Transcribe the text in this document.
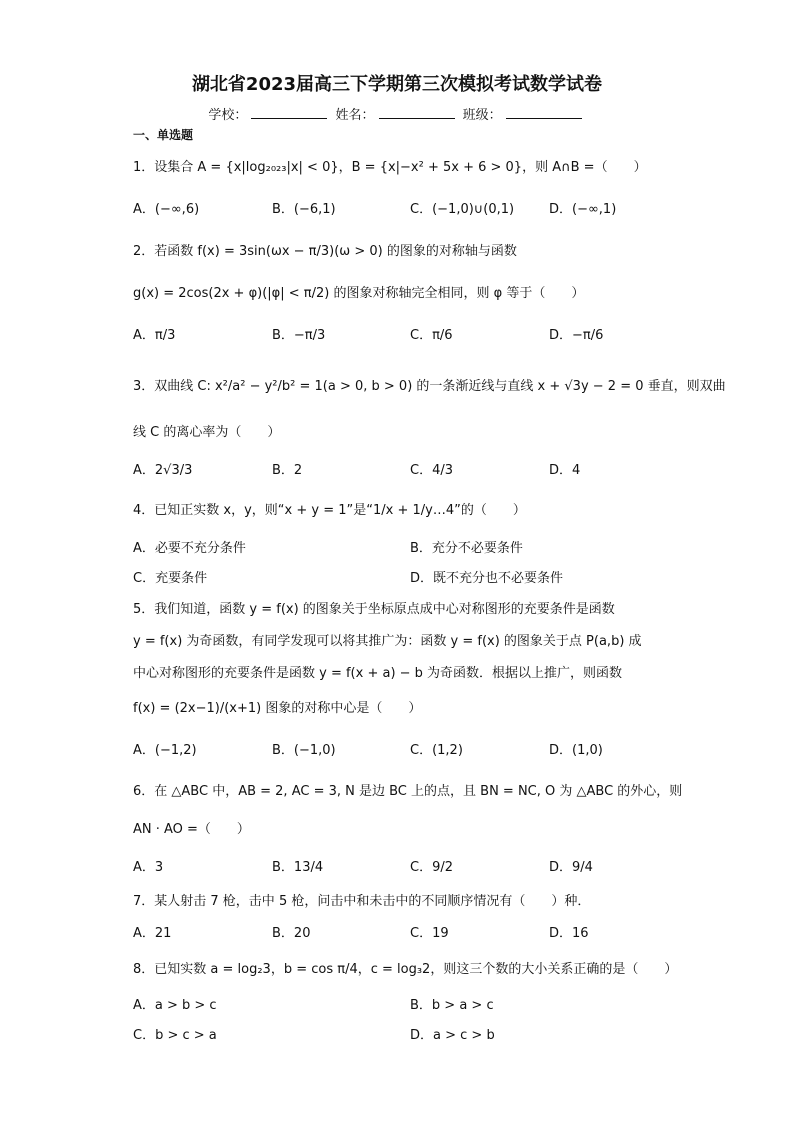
湖北省2023届高三下学期第三次模拟考试数学试卷
学校：	姓名：	班级：
一、单选题
1．设集合 A = {x|log₂₀₂₃|x| < 0}，B = {x|−x² + 5x + 6 > 0}，则 A∩B =（　　）
A．(−∞,6)	B．(−6,1)	C．(−1,0)∪(0,1)	D．(−∞,1)
2．若函数 f(x) = 3sin(ωx − π/3)(ω > 0) 的图象的对称轴与函数
g(x) = 2cos(2x + φ)(|φ| < π/2) 的图象对称轴完全相同，则 φ 等于（　　）
A．π/3	B．−π/3	C．π/6	D．−π/6
3．双曲线 C: x²/a² − y²/b² = 1(a > 0, b > 0) 的一条渐近线与直线 x + √3y − 2 = 0 垂直，则双曲
线 C 的离心率为（　　）
A．2√3/3	B．2	C．4/3	D．4
4．已知正实数 x，y，则“x + y = 1”是“1/x + 1/y…4”的（　　）
A．必要不充分条件	B．充分不必要条件
C．充要条件	D．既不充分也不必要条件
5．我们知道，函数 y = f(x) 的图象关于坐标原点成中心对称图形的充要条件是函数
y = f(x) 为奇函数，有同学发现可以将其推广为：函数 y = f(x) 的图象关于点 P(a,b) 成
中心对称图形的充要条件是函数 y = f(x + a) − b 为奇函数．根据以上推广，则函数
f(x) = (2x−1)/(x+1) 图象的对称中心是（　　）
A．(−1,2)	B．(−1,0)	C．(1,2)	D．(1,0)
6．在 △ABC 中，AB = 2, AC = 3, N 是边 BC 上的点，且 BN = NC, O 为 △ABC 的外心，则
AN · AO =（　　）
A．3	B．13/4	C．9/2	D．9/4
7．某人射击 7 枪，击中 5 枪，问击中和未击中的不同顺序情况有（　　）种．
A．21	B．20	C．19	D．16
8．已知实数 a = log₂3，b = cos π/4，c = log₃2，则这三个数的大小关系正确的是（　　）
A．a > b > c	B．b > a > c
C．b > c > a	D．a > c > b
